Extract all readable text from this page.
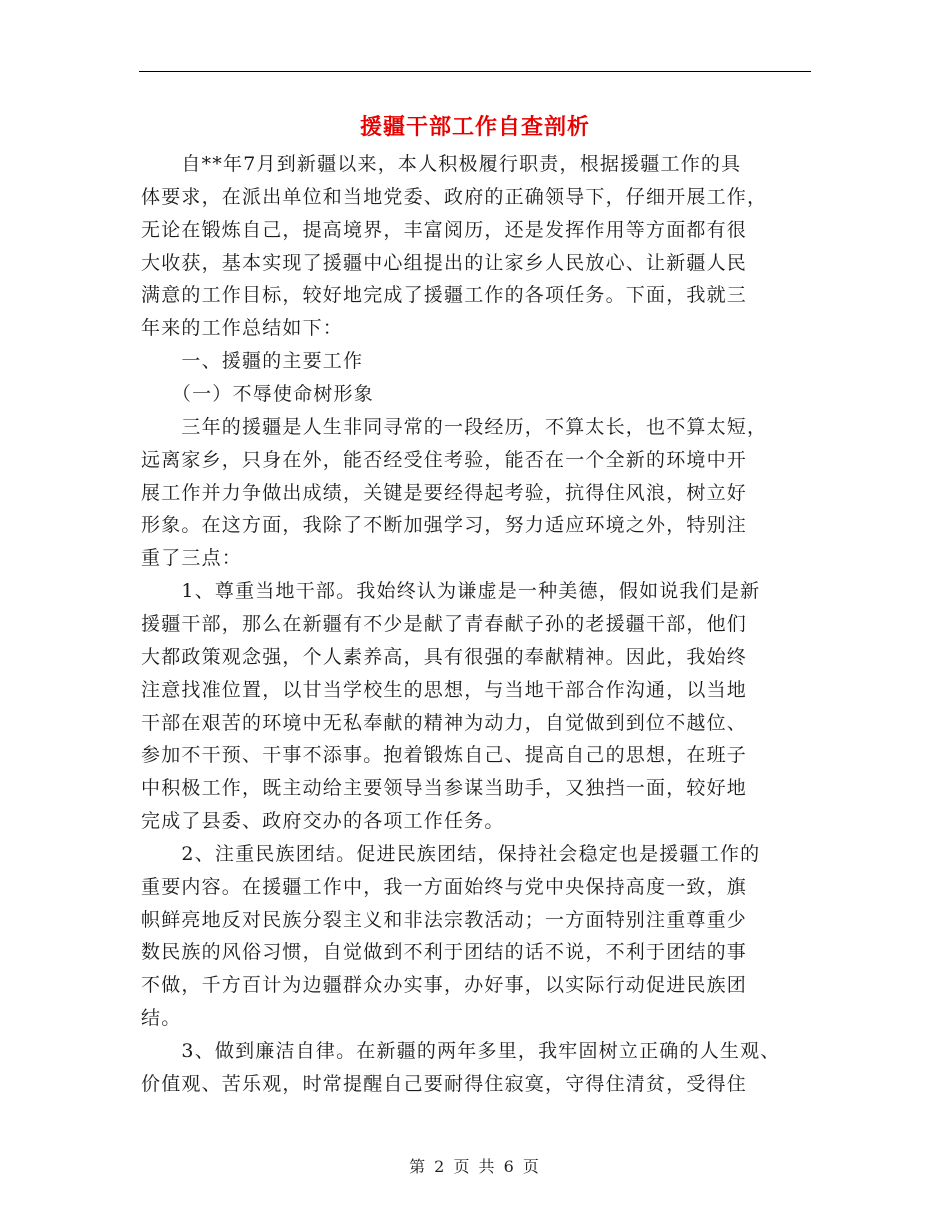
援疆干部工作自查剖析
　　自**年7月到新疆以来，本人积极履行职责，根据援疆工作的具
体要求，在派出单位和当地党委、政府的正确领导下，仔细开展工作，
无论在锻炼自己，提高境界，丰富阅历，还是发挥作用等方面都有很
大收获，基本实现了援疆中心组提出的让家乡人民放心、让新疆人民
满意的工作目标，较好地完成了援疆工作的各项任务。下面，我就三
年来的工作总结如下：
　　一、援疆的主要工作
　　（一）不辱使命树形象
　　三年的援疆是人生非同寻常的一段经历，不算太长，也不算太短，
远离家乡，只身在外，能否经受住考验，能否在一个全新的环境中开
展工作并力争做出成绩，关键是要经得起考验，抗得住风浪，树立好
形象。在这方面，我除了不断加强学习，努力适应环境之外，特别注
重了三点：
　　1、尊重当地干部。我始终认为谦虚是一种美德，假如说我们是新
援疆干部，那么在新疆有不少是献了青春献子孙的老援疆干部，他们
大都政策观念强，个人素养高，具有很强的奉献精神。因此，我始终
注意找准位置，以甘当学校生的思想，与当地干部合作沟通，以当地
干部在艰苦的环境中无私奉献的精神为动力，自觉做到到位不越位、
参加不干预、干事不添事。抱着锻炼自己、提高自己的思想，在班子
中积极工作，既主动给主要领导当参谋当助手，又独挡一面，较好地
完成了县委、政府交办的各项工作任务。
　　2、注重民族团结。促进民族团结，保持社会稳定也是援疆工作的
重要内容。在援疆工作中，我一方面始终与党中央保持高度一致，旗
帜鲜亮地反对民族分裂主义和非法宗教活动；一方面特别注重尊重少
数民族的风俗习惯，自觉做到不利于团结的话不说，不利于团结的事
不做，千方百计为边疆群众办实事，办好事，以实际行动促进民族团
结。
　　3、做到廉洁自律。在新疆的两年多里，我牢固树立正确的人生观、
价值观、苦乐观，时常提醒自己要耐得住寂寞，守得住清贫，受得住
第 2 页 共 6 页
